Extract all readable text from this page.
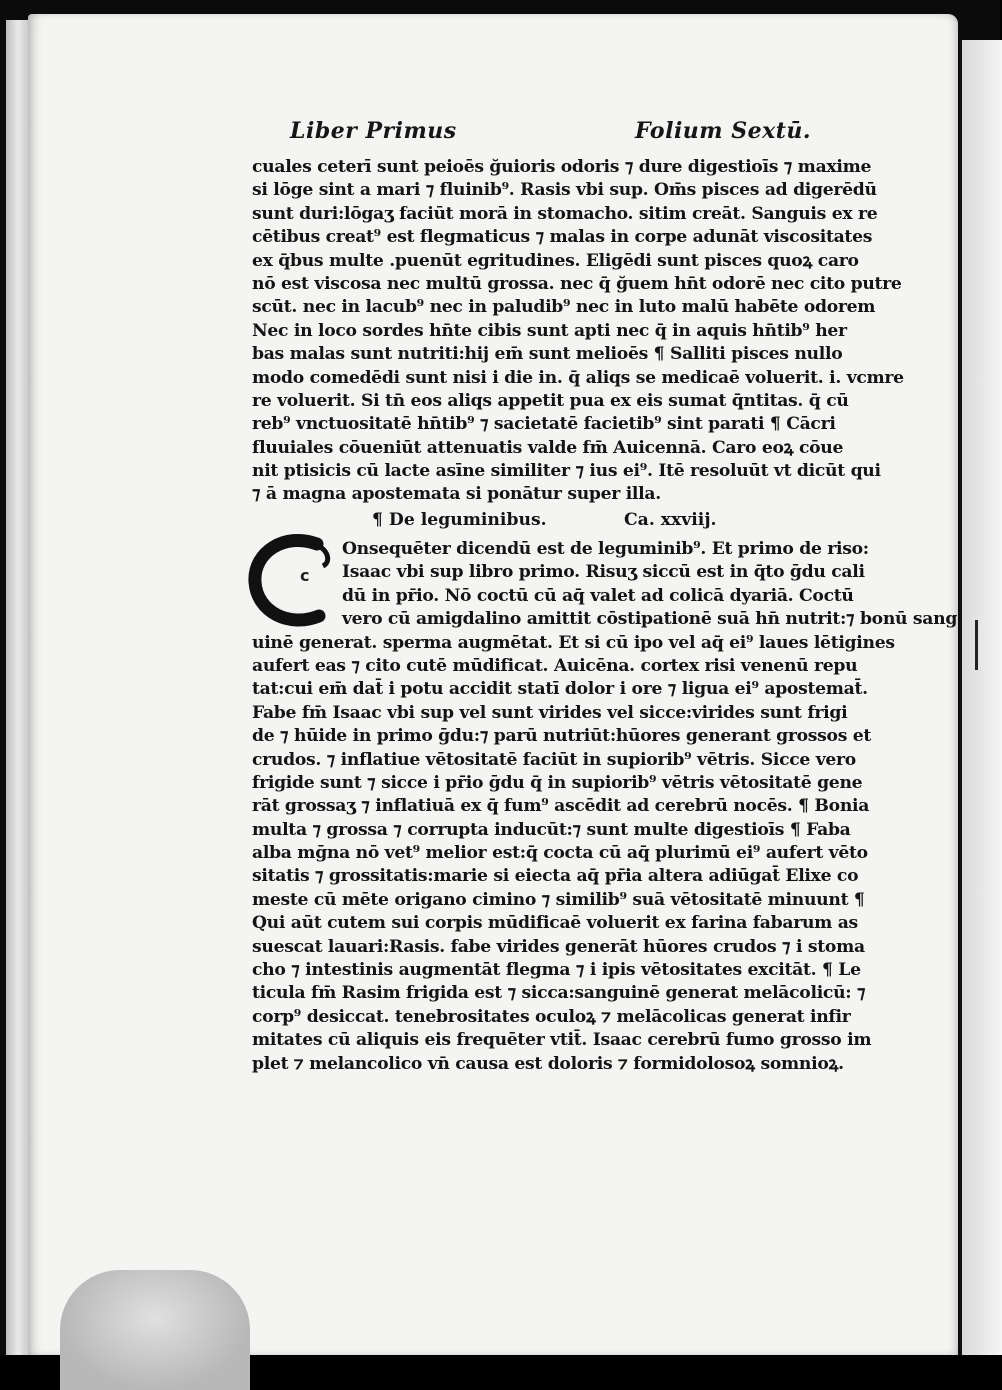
Liber Primus	Folium Sextū.
cuales ceterī sunt peioēs ğuioris odoris ⁊ dure digestioīs ⁊ maxime
si lōge sint a mari ⁊ fluinib⁹. Rasis vbi sup. Om̄s pisces ad digerēdū
sunt duri:lōgaʒ faciūt morā in stomacho. sitim creāt. Sanguis ex re
cētibus creat⁹ est flegmaticus ⁊ malas in corpe adunāt viscositates
ex q̄bus multe .puenūt egritudines. Eligēdi sunt pisces quoꝝ caro
nō est viscosa nec multū grossa. nec q̄ ğuem hn̄t odorē nec cito putre
scūt. nec in lacub⁹ nec in paludib⁹ nec in luto malū habēte odorem
Nec in loco sordes hn̄te cibis sunt apti nec q̄ in aquis hn̄tib⁹ her
bas malas sunt nutriti:hij em̄ sunt melioēs ¶ Salliti pisces nullo
modo comedēdi sunt nisi i die in. q̄ aliqs se medicaē voluerit. i. vcmre
re voluerit. Si tn̄ eos aliqs appetit pua ex eis sumat q̄ntitas. q̄ cū
reb⁹ vnctuositatē hn̄tib⁹ ⁊ sacietatē facietib⁹ sint parati ¶ Cācri
fluuiales cōueniūt attenuatis valde fm̄ Auicennā. Caro eoꝝ cōue
nit ptisicis cū lacte asīne similiter ⁊ ius ei⁹. Itē resoluūt vt dicūt qui
⁊ ā magna apostemata si ponātur super illa.
¶ De leguminibus.	Ca. xxviij.
c
Onsequēter dicendū est de leguminib⁹. Et primo de riso:
Isaac vbi sup libro primo. Risuʒ siccū est in q̄to ḡdu cali
dū in pr̄io. Nō coctū cū aq̄ valet ad colicā dyariā. Coctū
vero cū amigdalino amittit cōstipationē suā hn̄ nutrit:⁊ bonū sang
uinē generat. sperma augmētat. Et si cū ipo vel aq̄ ei⁹ laues lētigines
aufert eas ⁊ cito cutē mūdificat. Auicēna. cortex risi venenū repu
tat:cui em̄ dat̄ i potu accidit statī dolor i ore ⁊ ligua ei⁹ apostemat̄.
Fabe fm̄ Isaac vbi sup vel sunt virides vel sicce:virides sunt frigi
de ⁊ hūide in primo ḡdu:⁊ parū nutriūt:hūores generant grossos et
crudos. ⁊ inflatiue vētositatē faciūt in supiorib⁹ vētris. Sicce vero
frigide sunt ⁊ sicce i pr̄io ḡdu q̄ in supiorib⁹ vētris vētositatē gene
rāt grossaʒ ⁊ inflatiuā ex q̄ fum⁹ ascēdit ad cerebrū nocēs. ¶ Bonia
multa ⁊ grossa ⁊ corrupta inducūt:⁊ sunt multe digestioīs ¶ Faba
alba mḡna nō vet⁹ melior est:q̄ cocta cū aq̄ plurimū ei⁹ aufert vēto
sitatis ⁊ grossitatis:marie si eiecta aq̄ pr̄ia altera adiūgat̄ Elixe co
meste cū mēte origano cimino ⁊ similib⁹ suā vētositatē minuunt ¶
Qui aūt cutem sui corpis mūdificaē voluerit ex farina fabarum as
suescat lauari:Rasis. fabe virides generāt hūores crudos ⁊ i stoma
cho ⁊ intestinis augmentāt flegma ⁊ i ipis vētositates excitāt. ¶ Le
ticula fm̄ Rasim frigida est ⁊ sicca:sanguinē generat melācolicū: ⁊
corp⁹ desiccat. tenebrositates oculoꝝ ⁊ melācolicas generat infir
mitates cū aliquis eis frequēter vtit̄. Isaac cerebrū fumo grosso im
plet ⁊ melancolico vn̄ causa est doloris ⁊ formidolosoꝝ somnioꝝ.
